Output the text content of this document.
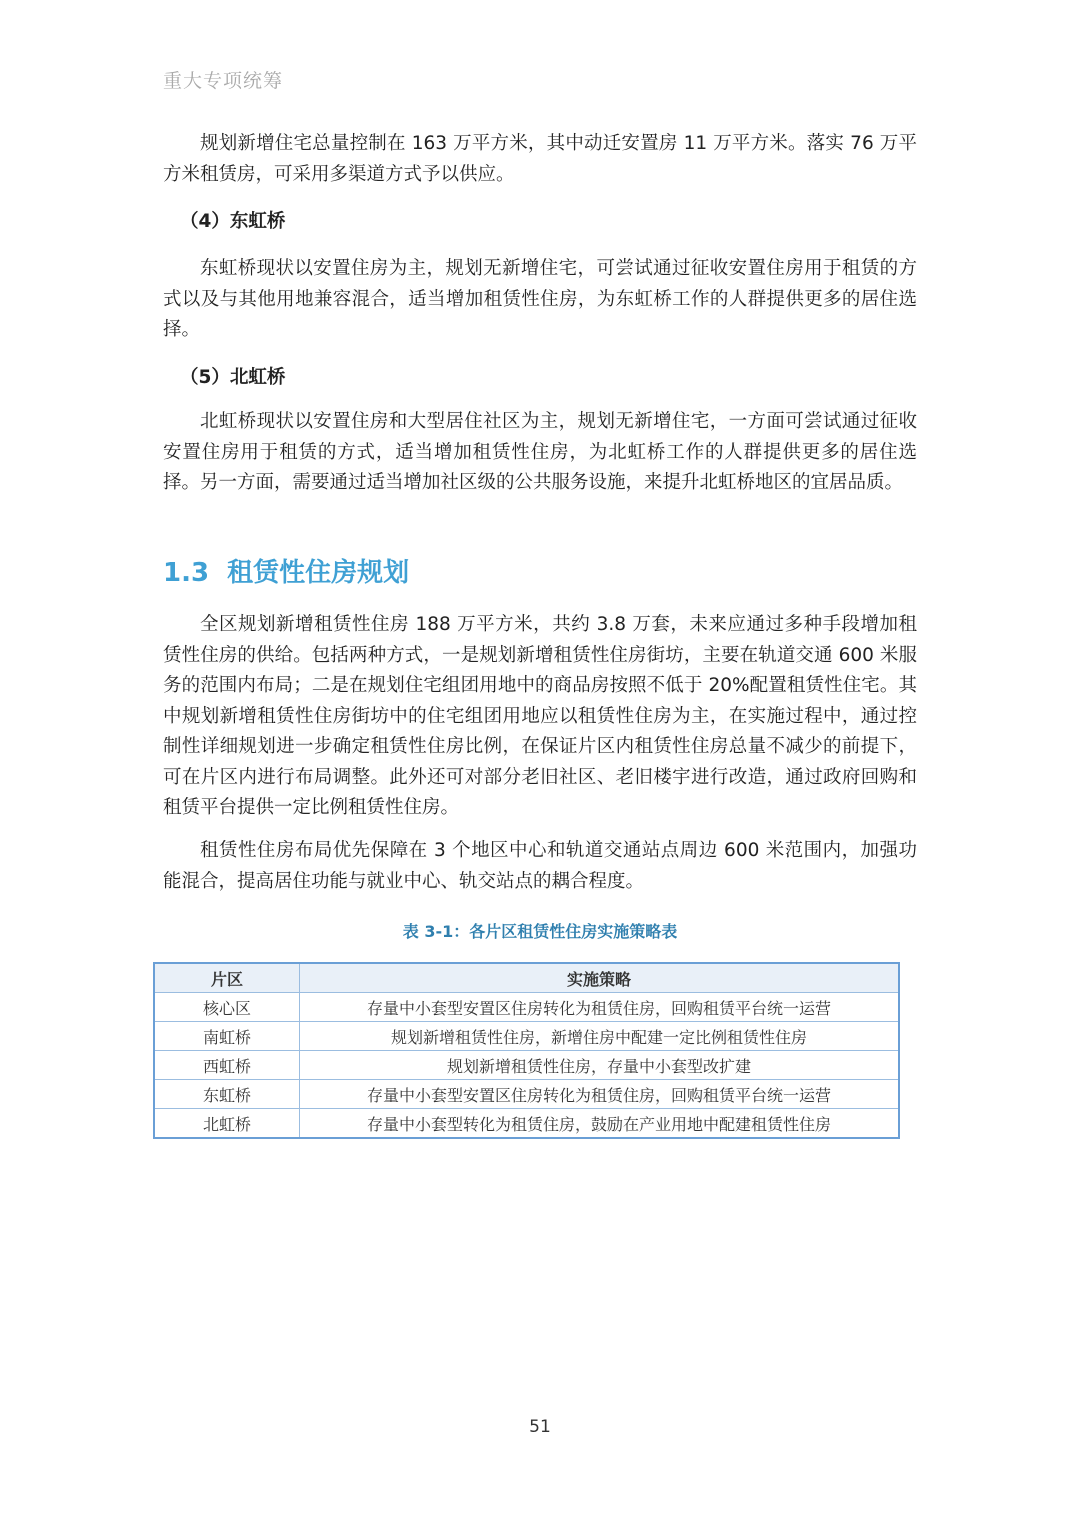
重大专项统筹

规划新增住宅总量控制在 163 万平方米，其中动迁安置房 11 万平方米。落实 76 万平方米租赁房，可采用多渠道方式予以供应。

（4）东虹桥

东虹桥现状以安置住房为主，规划无新增住宅，可尝试通过征收安置住房用于租赁的方式以及与其他用地兼容混合，适当增加租赁性住房，为东虹桥工作的人群提供更多的居住选择。

（5）北虹桥

北虹桥现状以安置住房和大型居住社区为主，规划无新增住宅，一方面可尝试通过征收安置住房用于租赁的方式，适当增加租赁性住房，为北虹桥工作的人群提供更多的居住选择。另一方面，需要通过适当增加社区级的公共服务设施，来提升北虹桥地区的宜居品质。

1.3 租赁性住房规划

全区规划新增租赁性住房 188 万平方米，共约 3.8 万套，未来应通过多种手段增加租赁性住房的供给。包括两种方式，一是规划新增租赁性住房街坊，主要在轨道交通 600 米服务的范围内布局；二是在规划住宅组团用地中的商品房按照不低于 20%配置租赁性住宅。其中规划新增租赁性住房街坊中的住宅组团用地应以租赁性住房为主，在实施过程中，通过控制性详细规划进一步确定租赁性住房比例，在保证片区内租赁性住房总量不减少的前提下，可在片区内进行布局调整。此外还可对部分老旧社区、老旧楼宇进行改造，通过政府回购和租赁平台提供一定比例租赁性住房。

租赁性住房布局优先保障在 3 个地区中心和轨道交通站点周边 600 米范围内，加强功能混合，提高居住功能与就业中心、轨交站点的耦合程度。

表 3-1：各片区租赁性住房实施策略表
片区	实施策略
核心区	存量中小套型安置区住房转化为租赁住房，回购租赁平台统一运营
南虹桥	规划新增租赁性住房，新增住房中配建一定比例租赁性住房
西虹桥	规划新增租赁性住房，存量中小套型改扩建
东虹桥	存量中小套型安置区住房转化为租赁住房，回购租赁平台统一运营
北虹桥	存量中小套型转化为租赁住房，鼓励在产业用地中配建租赁性住房
51
